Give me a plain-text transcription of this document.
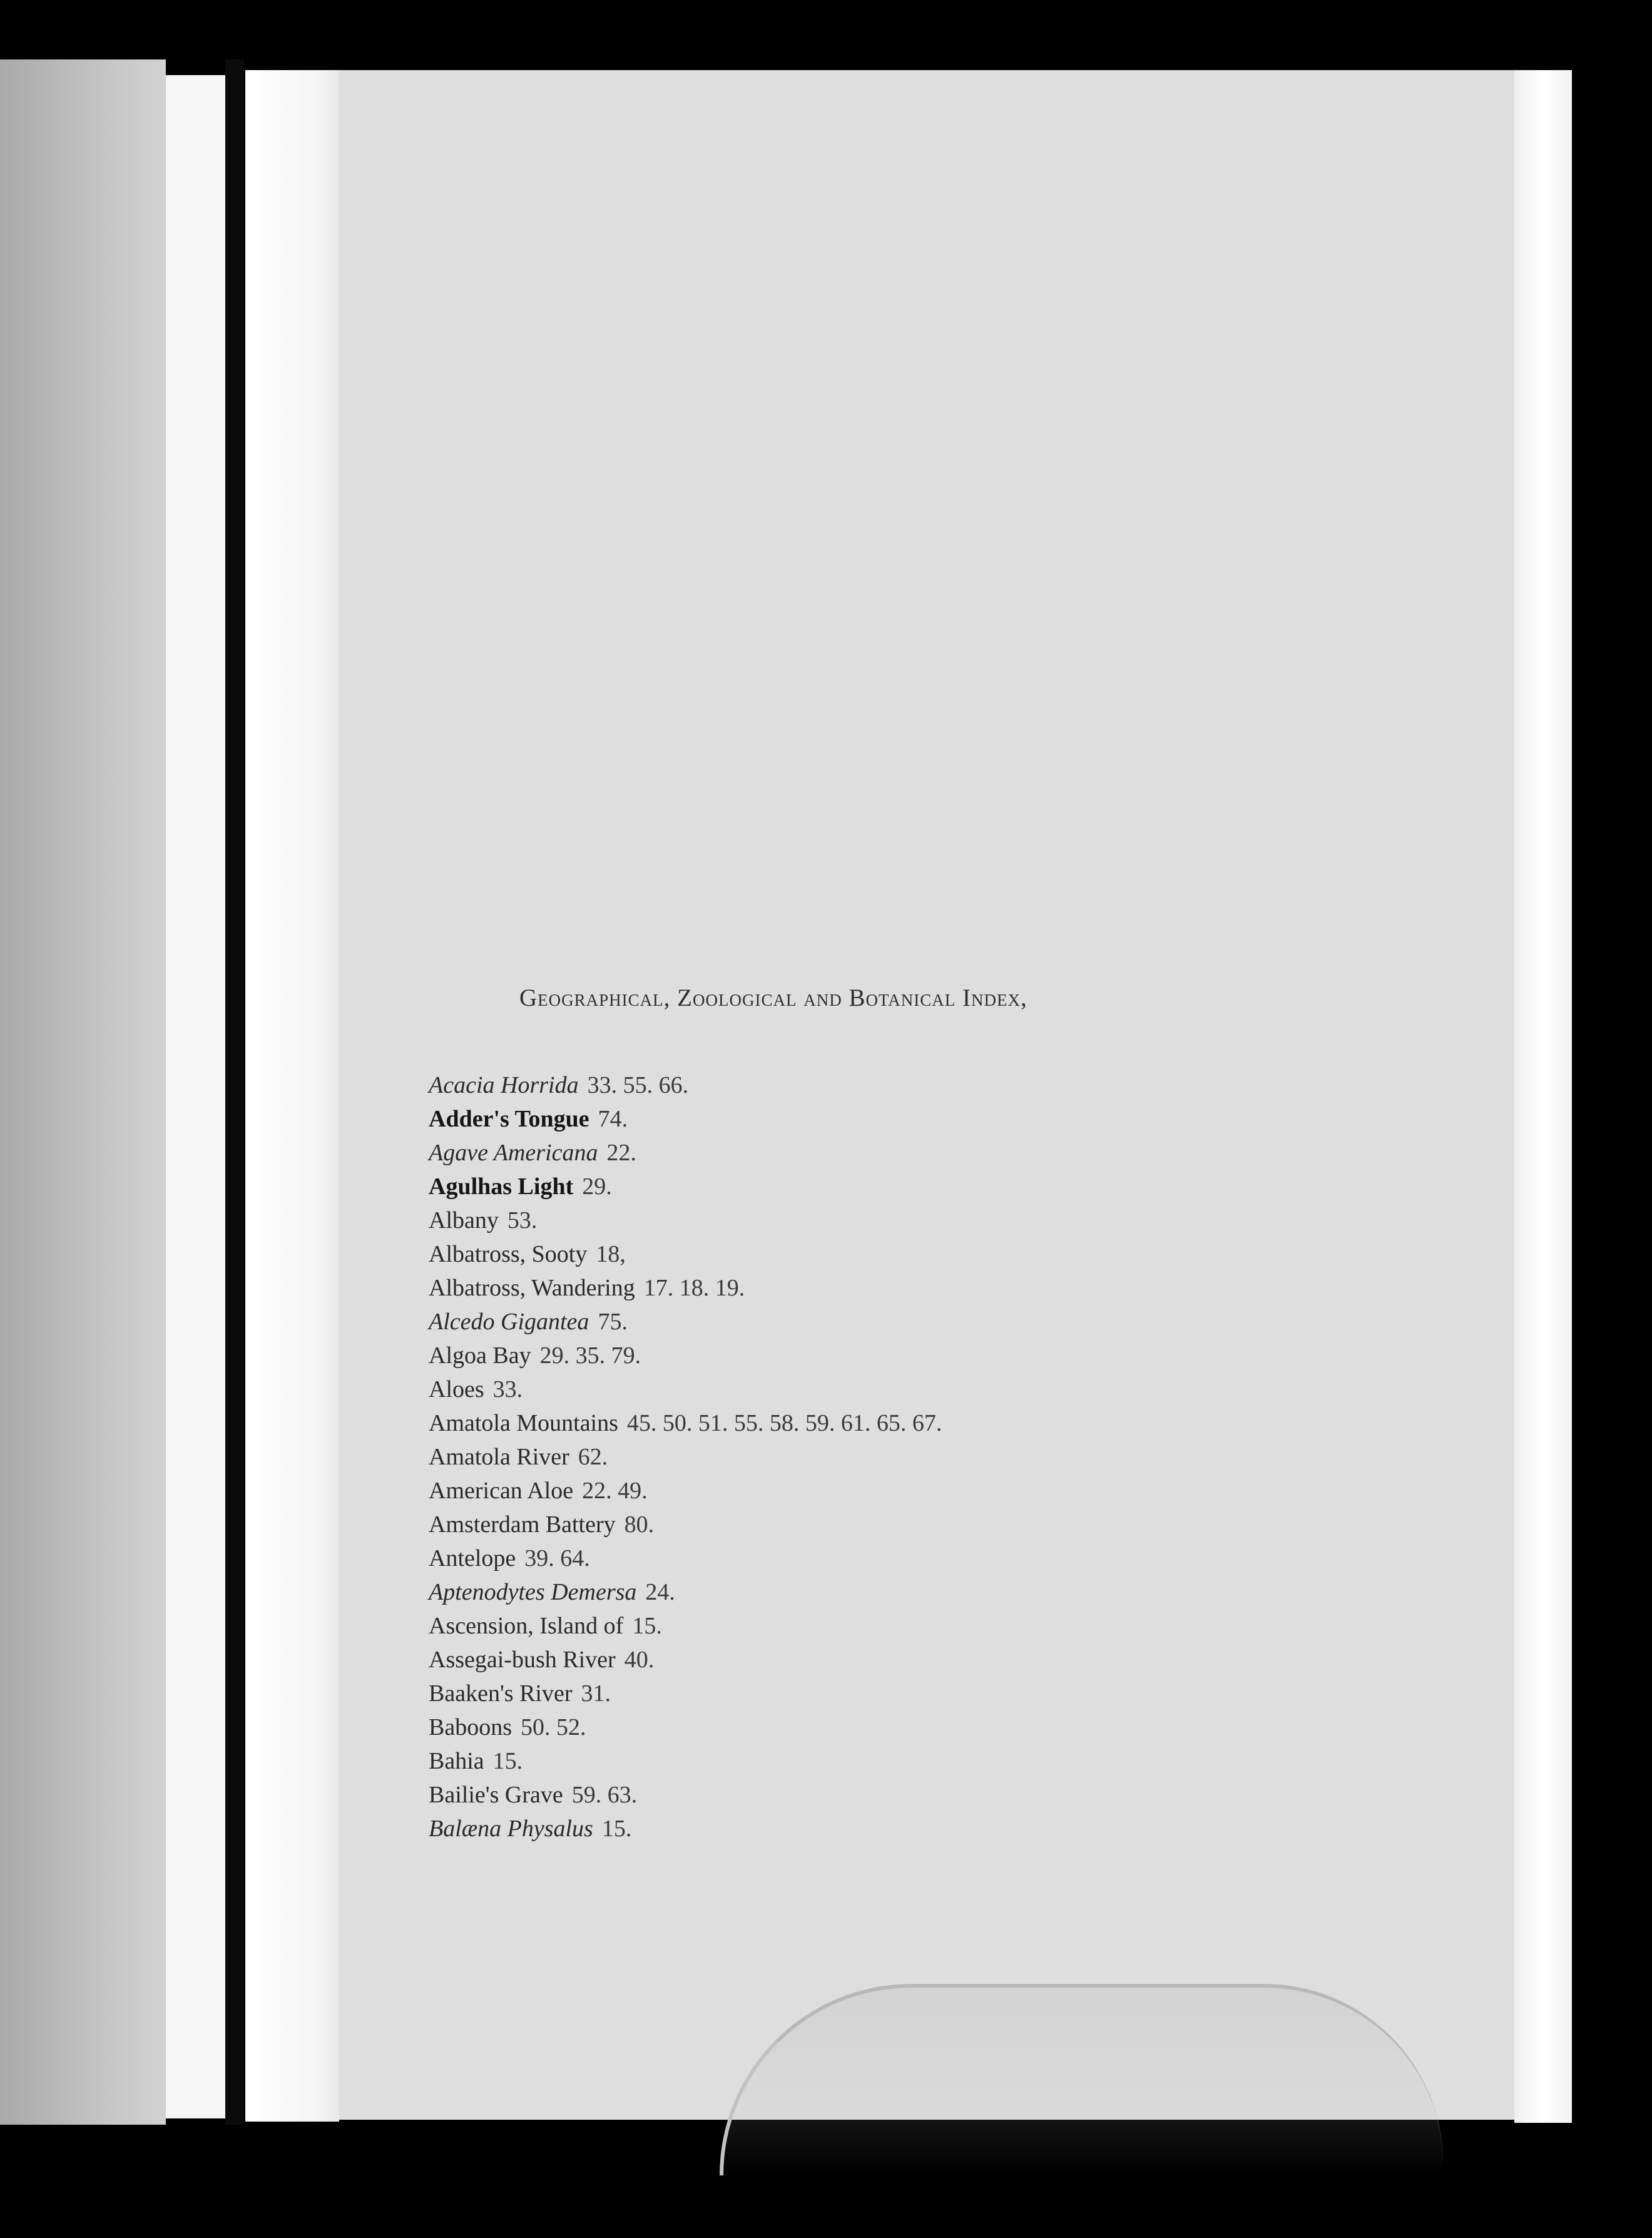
Geographical, Zoological and Botanical Index,
Acacia Horrida 33. 55. 66.
Adder's Tongue 74.
Agave Americana 22.
Agulhas Light 29.
Albany 53.
Albatross, Sooty 18,
Albatross, Wandering 17. 18. 19.
Alcedo Gigantea 75.
Algoa Bay 29. 35. 79.
Aloes 33.
Amatola Mountains 45. 50. 51. 55. 58. 59. 61. 65. 67.
Amatola River 62.
American Aloe 22. 49.
Amsterdam Battery 80.
Antelope 39. 64.
Aptenodytes Demersa 24.
Ascension, Island of 15.
Assegai-bush River 40.
Baaken's River 31.
Baboons 50. 52.
Bahia 15.
Bailie's Grave 59. 63.
Balæna Physalus 15.
